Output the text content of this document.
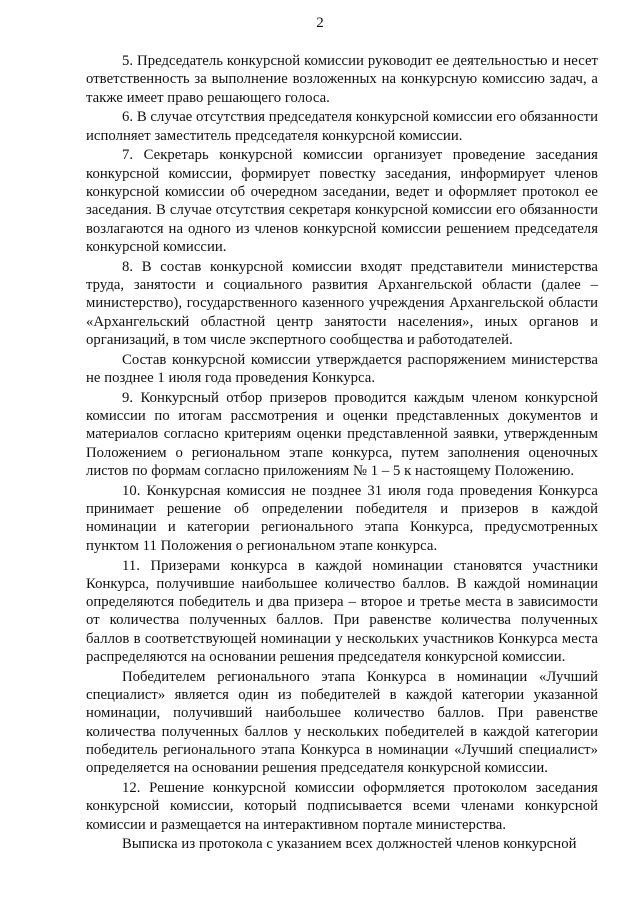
2

5. Председатель конкурсной комиссии руководит ее деятельностью и несет ответственность за выполнение возложенных на конкурсную комиссию задач, а также имеет право решающего голоса.

6. В случае отсутствия председателя конкурсной комиссии его обязанности исполняет заместитель председателя конкурсной комиссии.

7. Секретарь конкурсной комиссии организует проведение заседания конкурсной комиссии, формирует повестку заседания, информирует членов конкурсной комиссии об очередном заседании, ведет и оформляет протокол ее заседания. В случае отсутствия секретаря конкурсной комиссии его обязанности возлагаются на одного из членов конкурсной комиссии решением председателя конкурсной комиссии.

8. В состав конкурсной комиссии входят представители министерства труда, занятости и социального развития Архангельской области (далее – министерство), государственного казенного учреждения Архангельской области «Архангельский областной центр занятости населения», иных органов и организаций, в том числе экспертного сообщества и работодателей.

Состав конкурсной комиссии утверждается распоряжением министерства не позднее 1 июля года проведения Конкурса.

9. Конкурсный отбор призеров проводится каждым членом конкурсной комиссии по итогам рассмотрения и оценки представленных документов и материалов согласно критериям оценки представленной заявки, утвержденным Положением о региональном этапе конкурса, путем заполнения оценочных листов по формам согласно приложениям № 1 – 5 к настоящему Положению.

10. Конкурсная комиссия не позднее 31 июля года проведения Конкурса принимает решение об определении победителя и призеров в каждой номинации и категории регионального этапа Конкурса, предусмотренных пунктом 11 Положения о региональном этапе конкурса.

11. Призерами конкурса в каждой номинации становятся участники Конкурса, получившие наибольшее количество баллов. В каждой номинации определяются победитель и два призера – второе и третье места в зависимости от количества полученных баллов. При равенстве количества полученных баллов в соответствующей номинации у нескольких участников Конкурса места распределяются на основании решения председателя конкурсной комиссии.

Победителем регионального этапа Конкурса в номинации «Лучший специалист» является один из победителей в каждой категории указанной номинации, получивший наибольшее количество баллов. При равенстве количества полученных баллов у нескольких победителей в каждой категории победитель регионального этапа Конкурса в номинации «Лучший специалист» определяется на основании решения председателя конкурсной комиссии.

12. Решение конкурсной комиссии оформляется протоколом заседания конкурсной комиссии, который подписывается всеми членами конкурсной комиссии и размещается на интерактивном портале министерства.

Выписка из протокола с указанием всех должностей членов конкурсной
